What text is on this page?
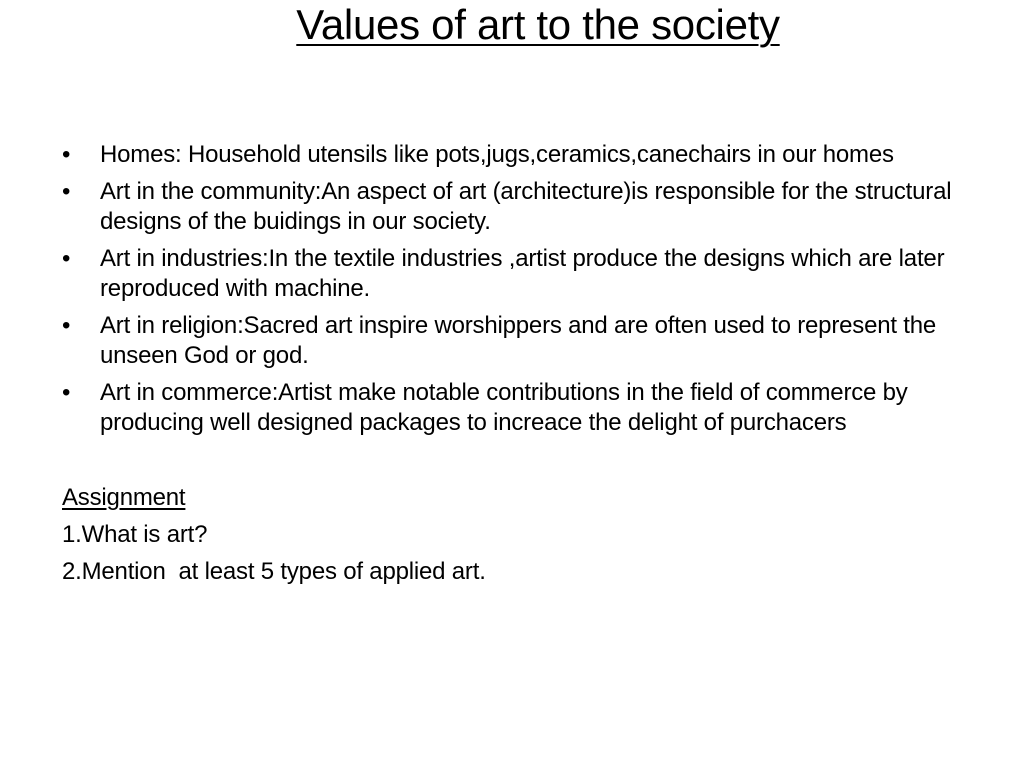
Values of art to the society
•	Homes: Household utensils like pots,jugs,ceramics,canechairs in our homes
•	Art in the community:An aspect of art (architecture)is responsible for the structural designs of the buidings in our society.
•	Art in industries:In the textile industries ,artist produce the designs which are later reproduced with machine.
•	Art in religion:Sacred art inspire worshippers and are often used to represent the unseen God or god.
•	Art in commerce:Artist make notable contributions in the field of commerce by producing well designed packages to increace the delight of purchacers
Assignment
1.What is art?
2.Mention  at least 5 types of applied art.
